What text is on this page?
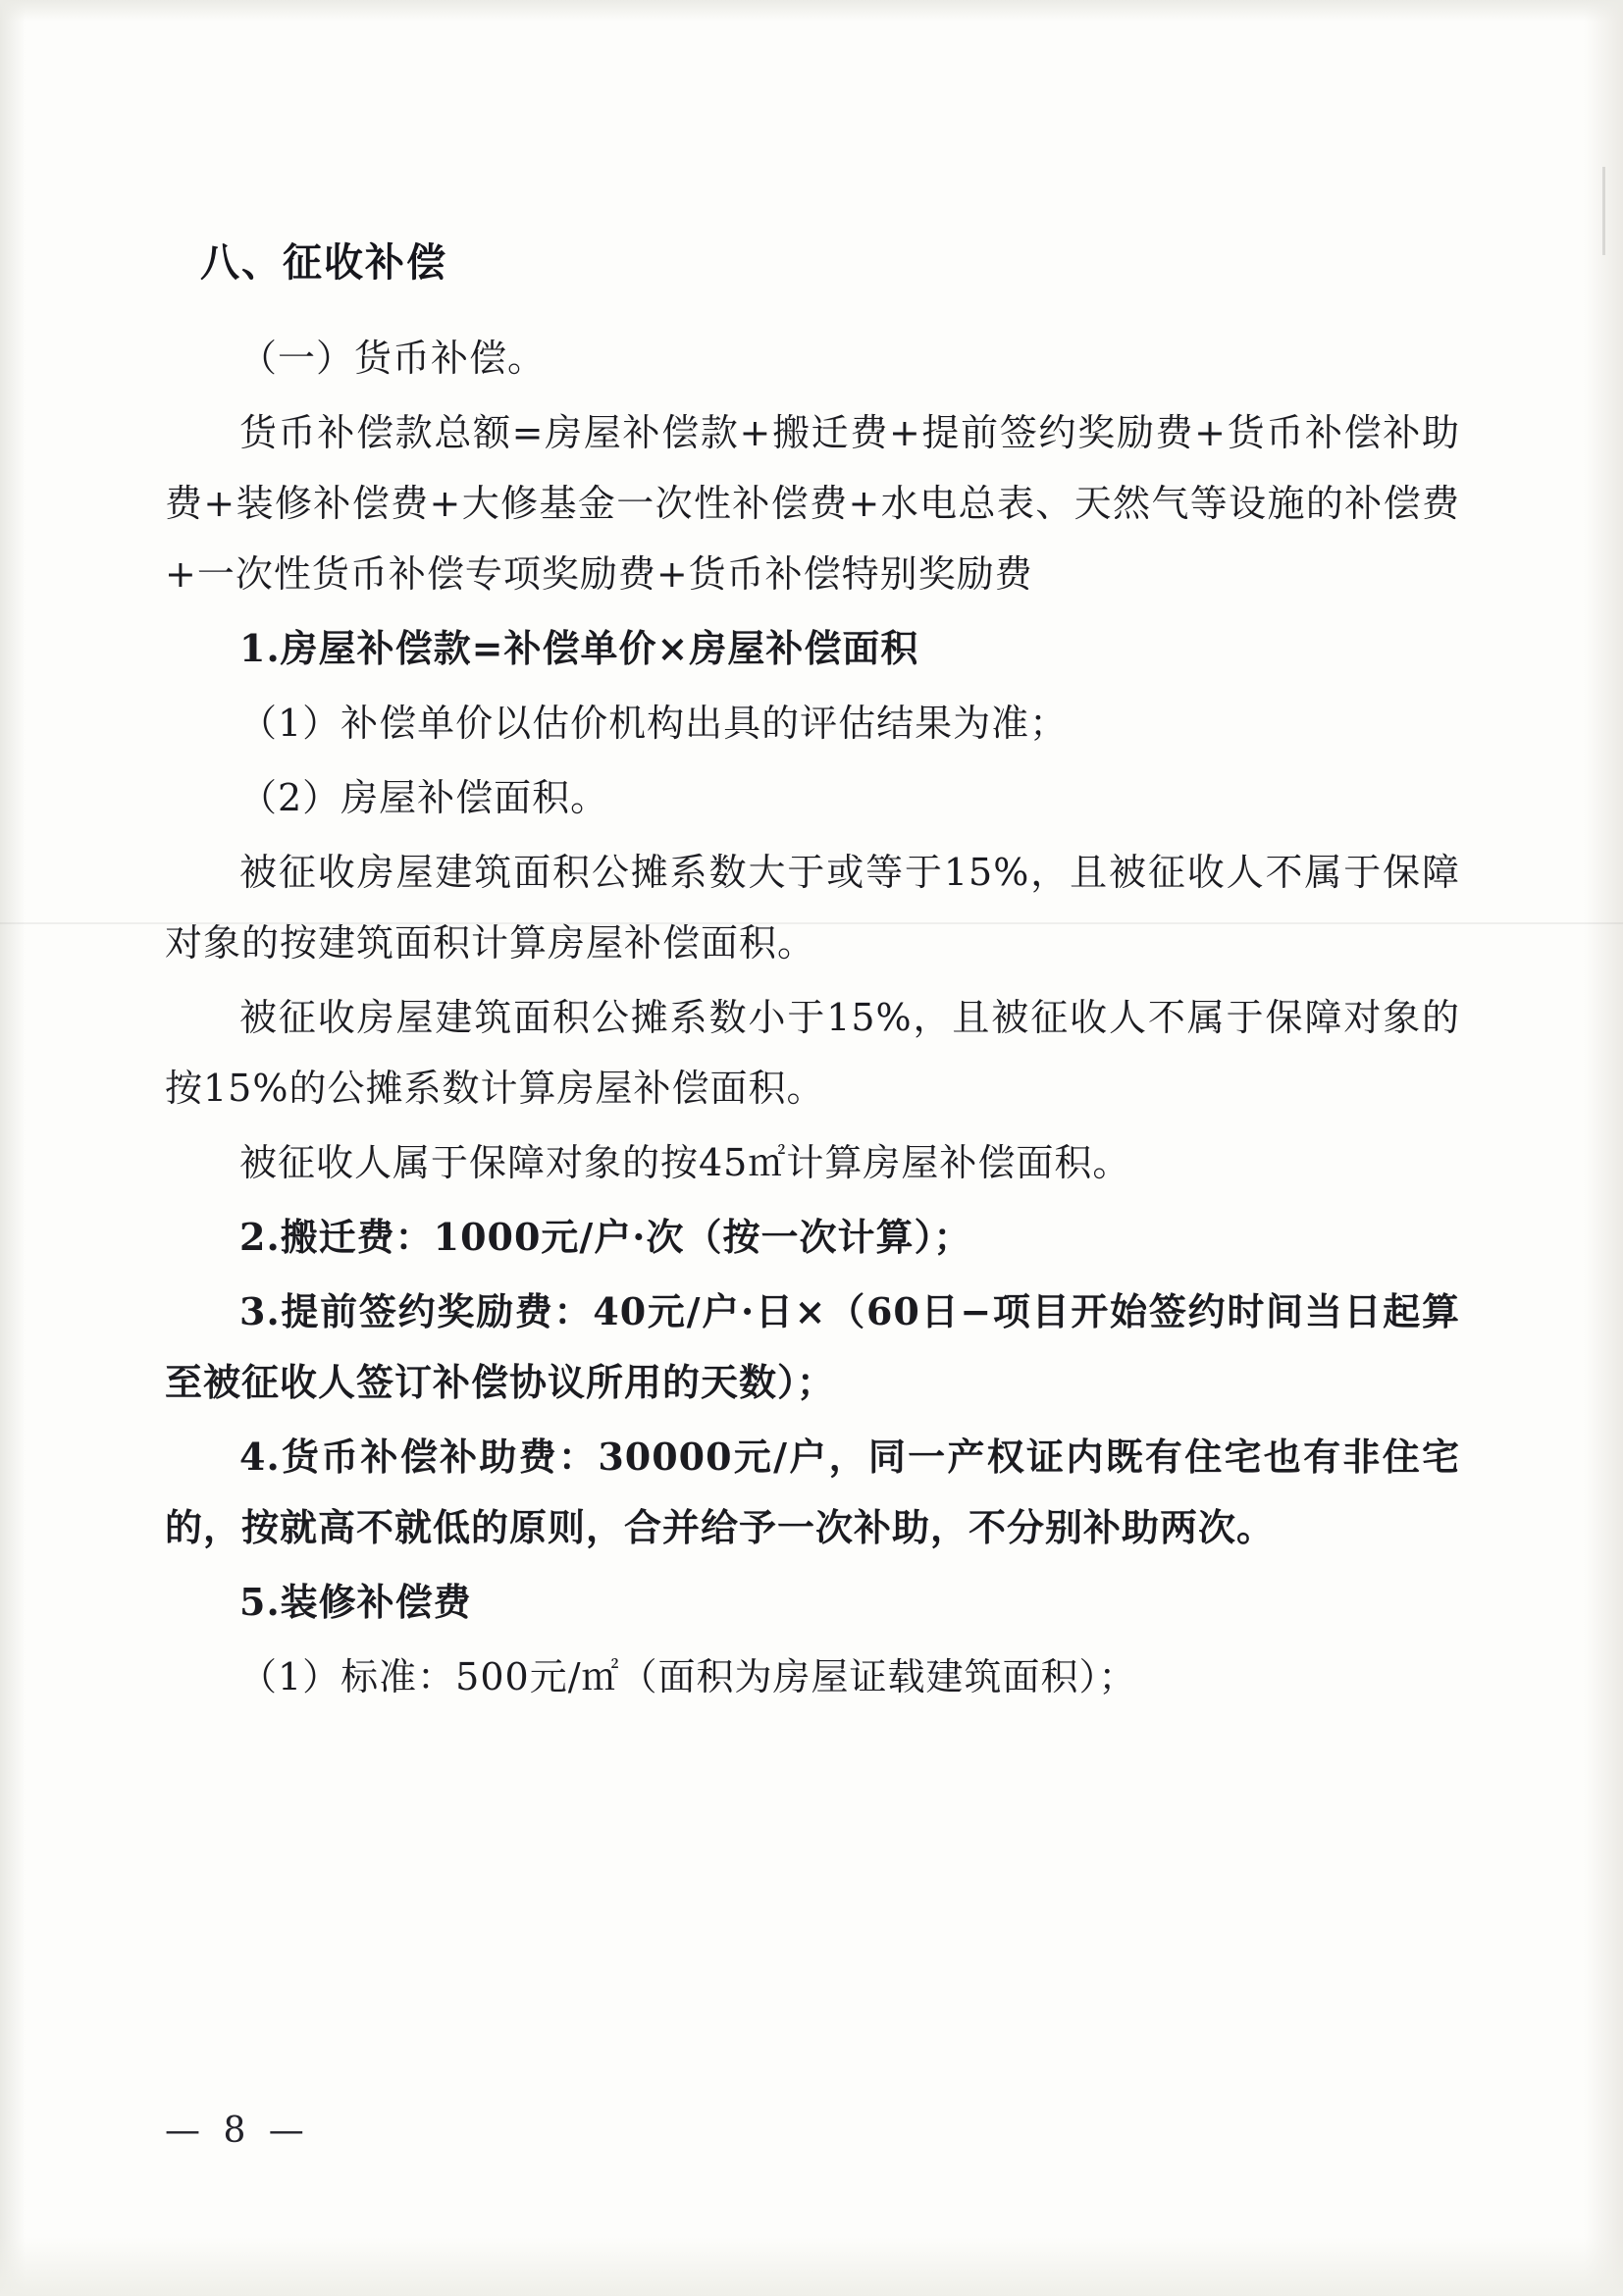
八、征收补偿

（一）货币补偿。

货币补偿款总额=房屋补偿款+搬迁费+提前签约奖励费+货币补偿补助费+装修补偿费+大修基金一次性补偿费+水电总表、天然气等设施的补偿费+一次性货币补偿专项奖励费+货币补偿特别奖励费

1.房屋补偿款=补偿单价×房屋补偿面积

（1）补偿单价以估价机构出具的评估结果为准；

（2）房屋补偿面积。

被征收房屋建筑面积公摊系数大于或等于15%，且被征收人不属于保障对象的按建筑面积计算房屋补偿面积。

被征收房屋建筑面积公摊系数小于15%，且被征收人不属于保障对象的按15%的公摊系数计算房屋补偿面积。

被征收人属于保障对象的按45㎡计算房屋补偿面积。

2.搬迁费：1000元/户·次（按一次计算）；

3.提前签约奖励费：40元/户·日×（60日−项目开始签约时间当日起算至被征收人签订补偿协议所用的天数）；

4.货币补偿补助费：30000元/户，同一产权证内既有住宅也有非住宅的，按就高不就低的原则，合并给予一次补助，不分别补助两次。

5.装修补偿费

（1）标准：500元/㎡（面积为房屋证载建筑面积）；

— 8 —
